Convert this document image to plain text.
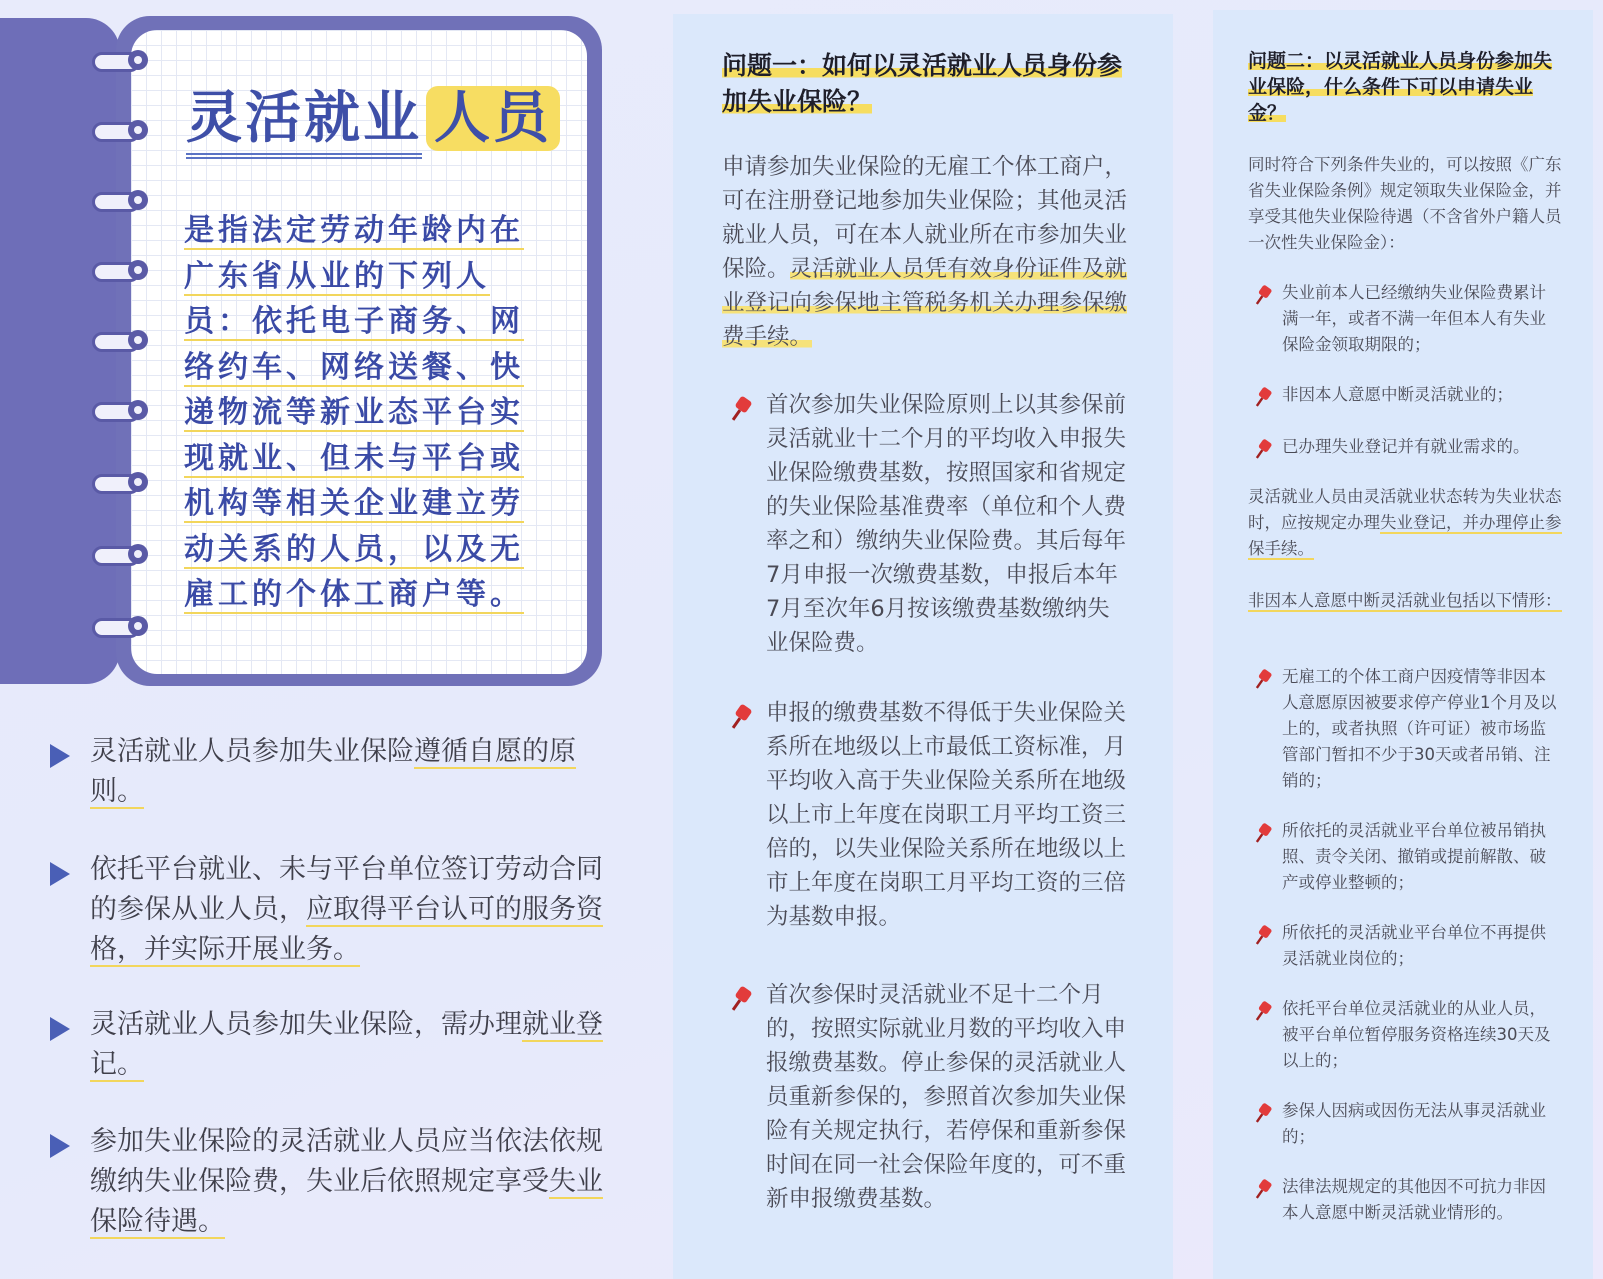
灵活就业 人员

是指法定劳动年龄内在
广东省从业的下列人
员：依托电子商务、网
络约车、网络送餐、快
递物流等新业态平台实
现就业、但未与平台或
机构等相关企业建立劳
动关系的人员，以及无
雇工的个体工商户等。

灵活就业人员参加失业保险遵循自愿的原则。
依托平台就业、未与平台单位签订劳动合同的参保从业人员，应取得平台认可的服务资格，并实际开展业务。
灵活就业人员参加失业保险，需办理就业登记。
参加失业保险的灵活就业人员应当依法依规缴纳失业保险费，失业后依照规定享受失业保险待遇。
问题一：如何以灵活就业人员身份参加失业保险？

申请参加失业保险的无雇工个体工商户，可在注册登记地参加失业保险；其他灵活就业人员，可在本人就业所在市参加失业保险。灵活就业人员凭有效身份证件及就业登记向参保地主管税务机关办理参保缴费手续。

首次参加失业保险原则上以其参保前灵活就业十二个月的平均收入申报失业保险缴费基数，按照国家和省规定的失业保险基准费率（单位和个人费率之和）缴纳失业保险费。其后每年7月申报一次缴费基数，申报后本年7月至次年6月按该缴费基数缴纳失业保险费。

申报的缴费基数不得低于失业保险关系所在地级以上市最低工资标准，月平均收入高于失业保险关系所在地级以上市上年度在岗职工月平均工资三倍的，以失业保险关系所在地级以上市上年度在岗职工月平均工资的三倍为基数申报。

首次参保时灵活就业不足十二个月的，按照实际就业月数的平均收入申报缴费基数。停止参保的灵活就业人员重新参保的，参照首次参加失业保险有关规定执行，若停保和重新参保时间在同一社会保险年度的，可不重新申报缴费基数。

问题二：以灵活就业人员身份参加失业保险，什么条件下可以申请失业金？

同时符合下列条件失业的，可以按照《广东省失业保险条例》规定领取失业保险金，并享受其他失业保险待遇（不含省外户籍人员一次性失业保险金）：

失业前本人已经缴纳失业保险费累计满一年，或者不满一年但本人有失业保险金领取期限的；

非因本人意愿中断灵活就业的；

已办理失业登记并有就业需求的。

灵活就业人员由灵活就业状态转为失业状态时，应按规定办理失业登记，并办理停止参保手续。

非因本人意愿中断灵活就业包括以下情形：

无雇工的个体工商户因疫情等非因本人意愿原因被要求停产停业1个月及以上的，或者执照（许可证）被市场监管部门暂扣不少于30天或者吊销、注销的；

所依托的灵活就业平台单位被吊销执照、责令关闭、撤销或提前解散、破产或停业整顿的；

所依托的灵活就业平台单位不再提供灵活就业岗位的；

依托平台单位灵活就业的从业人员，被平台单位暂停服务资格连续30天及以上的；

参保人因病或因伤无法从事灵活就业的；

法律法规规定的其他因不可抗力非因本人意愿中断灵活就业情形的。
